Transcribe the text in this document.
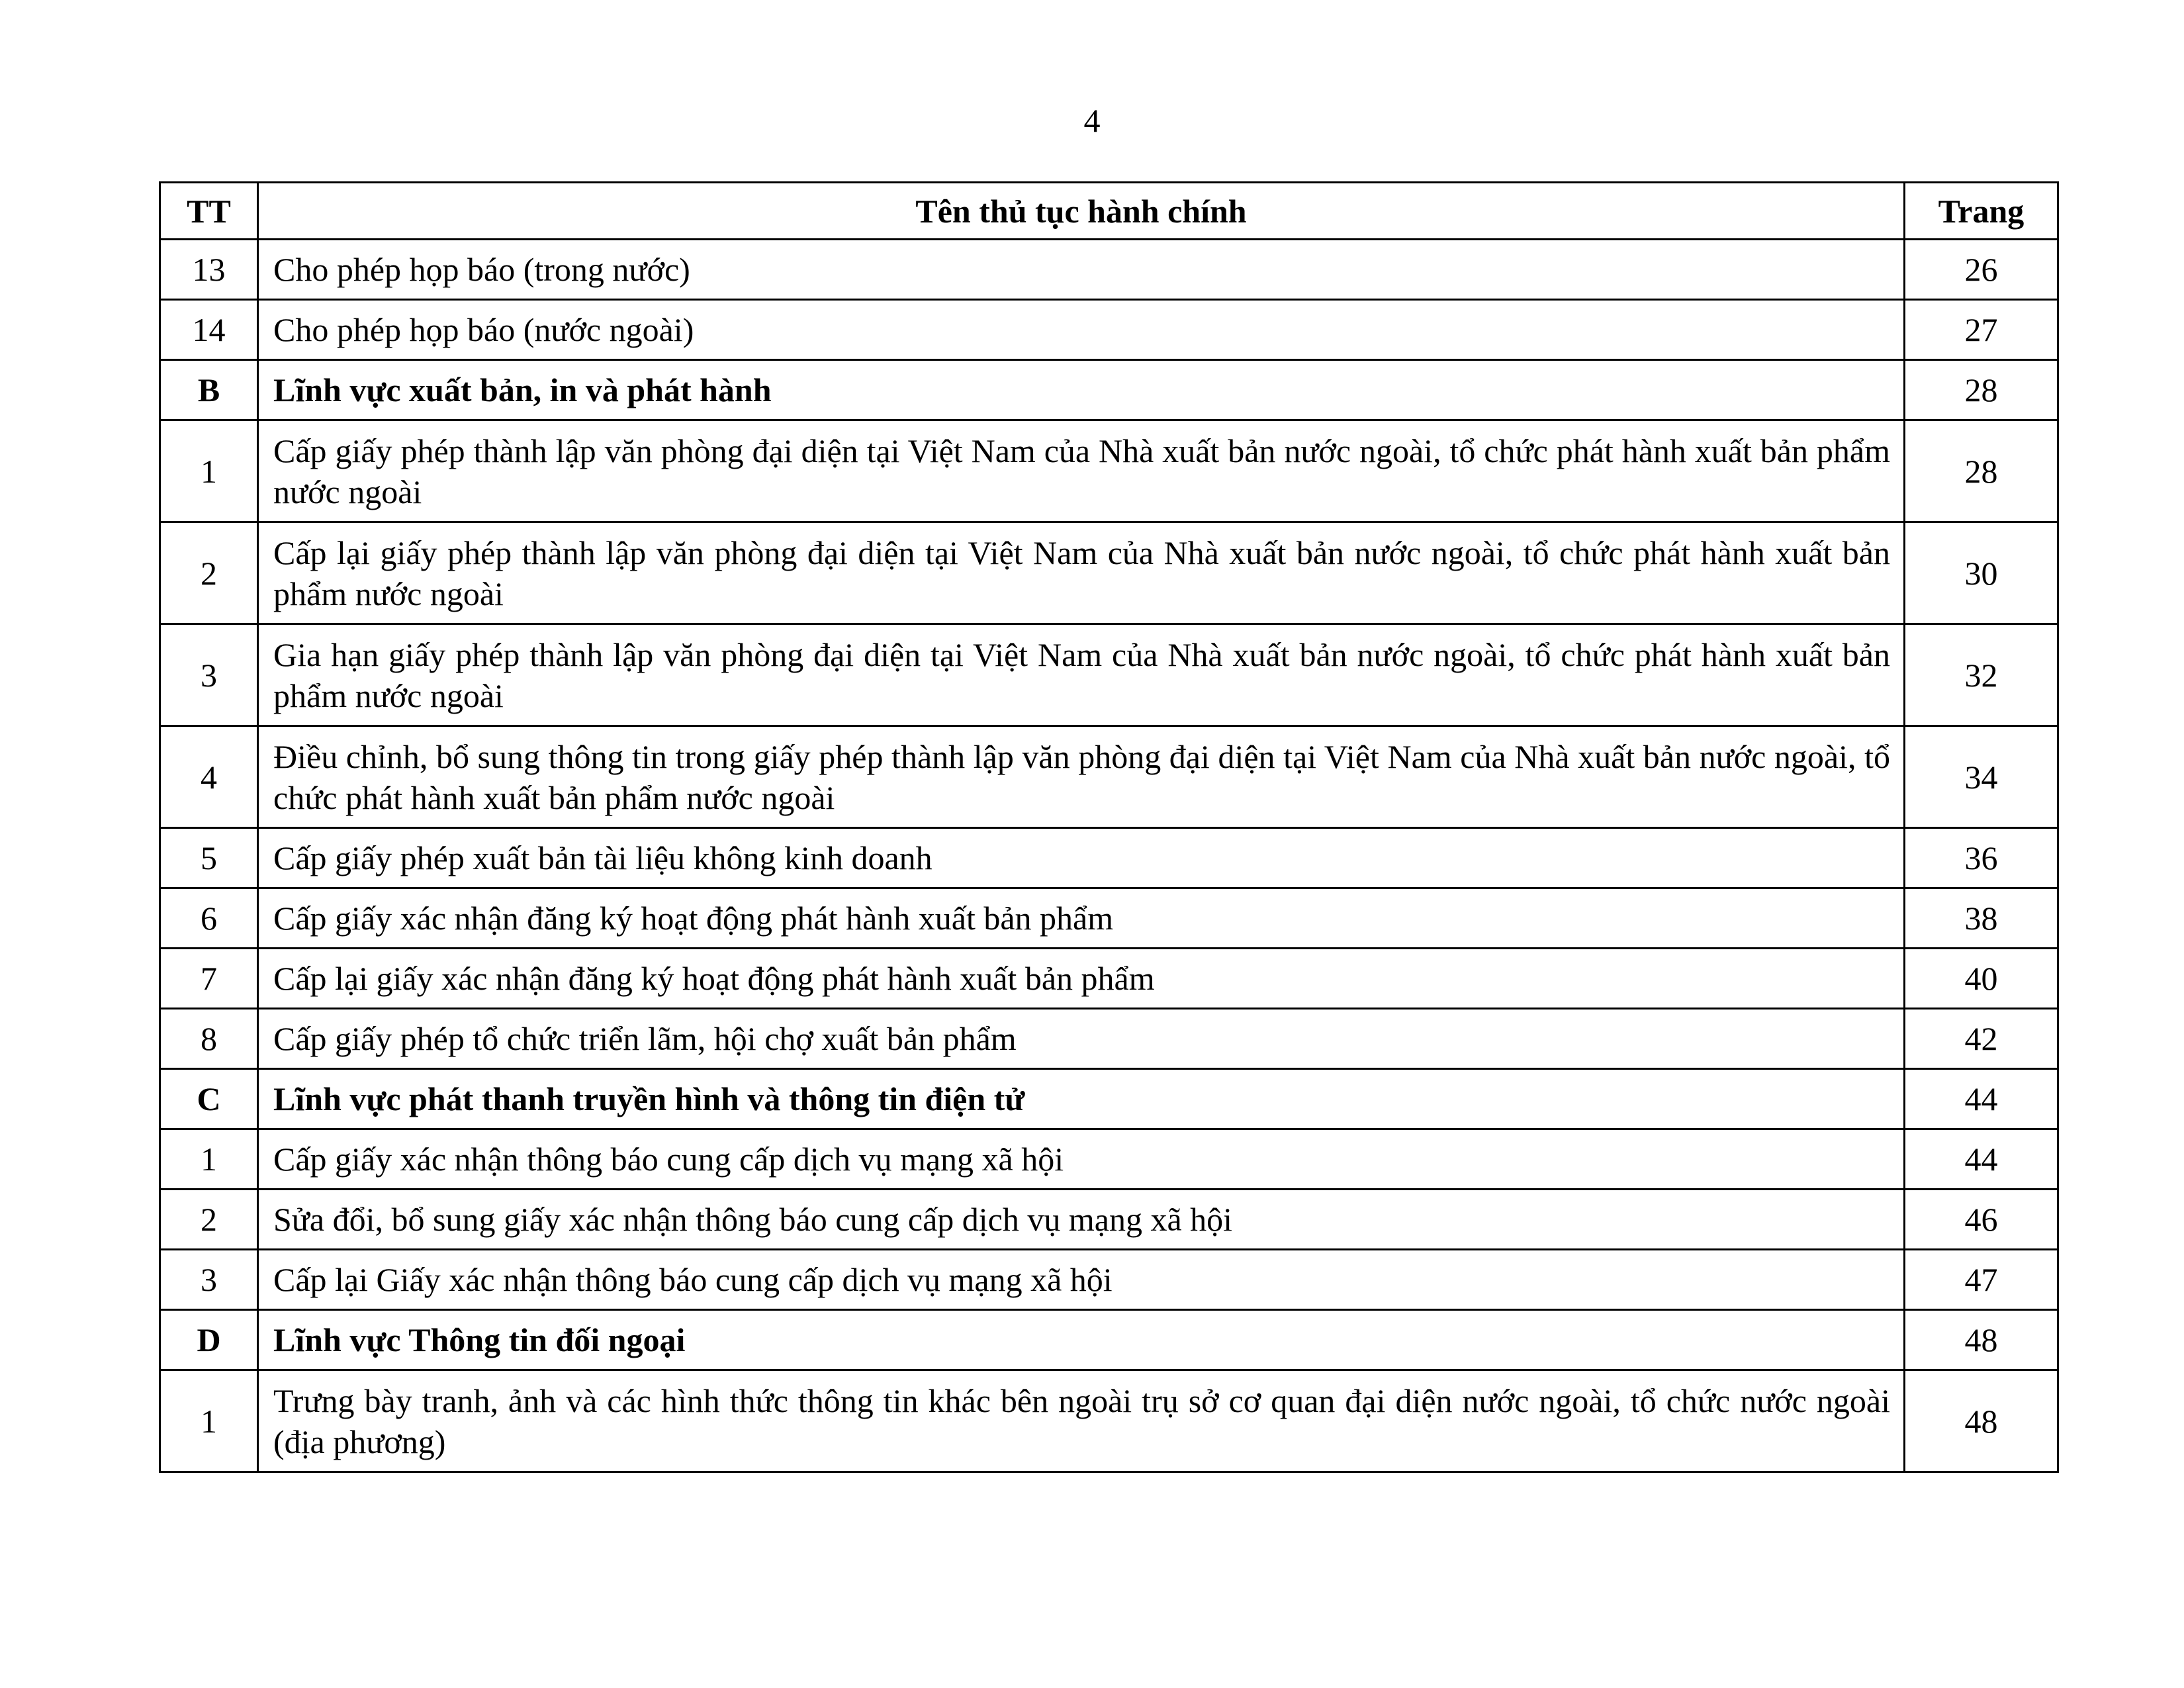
4
TT	Tên thủ tục hành chính	Trang
13	Cho phép họp báo (trong nước)	26
14	Cho phép họp báo (nước ngoài)	27
B	Lĩnh vực xuất bản, in và phát hành	28
1	Cấp giấy phép thành lập văn phòng đại diện tại Việt Nam của Nhà xuất bản nước ngoài, tổ chức phát hành xuất bản phẩm nước ngoài	28
2	Cấp lại giấy phép thành lập văn phòng đại diện tại Việt Nam của Nhà xuất bản nước ngoài, tổ chức phát hành xuất bản phẩm nước ngoài	30
3	Gia hạn giấy phép thành lập văn phòng đại diện tại Việt Nam của Nhà xuất bản nước ngoài, tổ chức phát hành xuất bản phẩm nước ngoài	32
4	Điều chỉnh, bổ sung thông tin trong giấy phép thành lập văn phòng đại diện tại Việt Nam của Nhà xuất bản nước ngoài, tổ chức phát hành xuất bản phẩm nước ngoài	34
5	Cấp giấy phép xuất bản tài liệu không kinh doanh	36
6	Cấp giấy xác nhận đăng ký hoạt động phát hành xuất bản phẩm	38
7	Cấp lại giấy xác nhận đăng ký hoạt động phát hành xuất bản phẩm	40
8	Cấp giấy phép tổ chức triển lãm, hội chợ xuất bản phẩm	42
C	Lĩnh vực phát thanh truyền hình và thông tin điện tử	44
1	Cấp giấy xác nhận thông báo cung cấp dịch vụ mạng xã hội	44
2	Sửa đổi, bổ sung giấy xác nhận thông báo cung cấp dịch vụ mạng xã hội	46
3	Cấp lại Giấy xác nhận thông báo cung cấp dịch vụ mạng xã hội	47
D	Lĩnh vực Thông tin đối ngoại	48
1	Trưng bày tranh, ảnh và các hình thức thông tin khác bên ngoài trụ sở cơ quan đại diện nước ngoài, tổ chức nước ngoài (địa phương)	48
